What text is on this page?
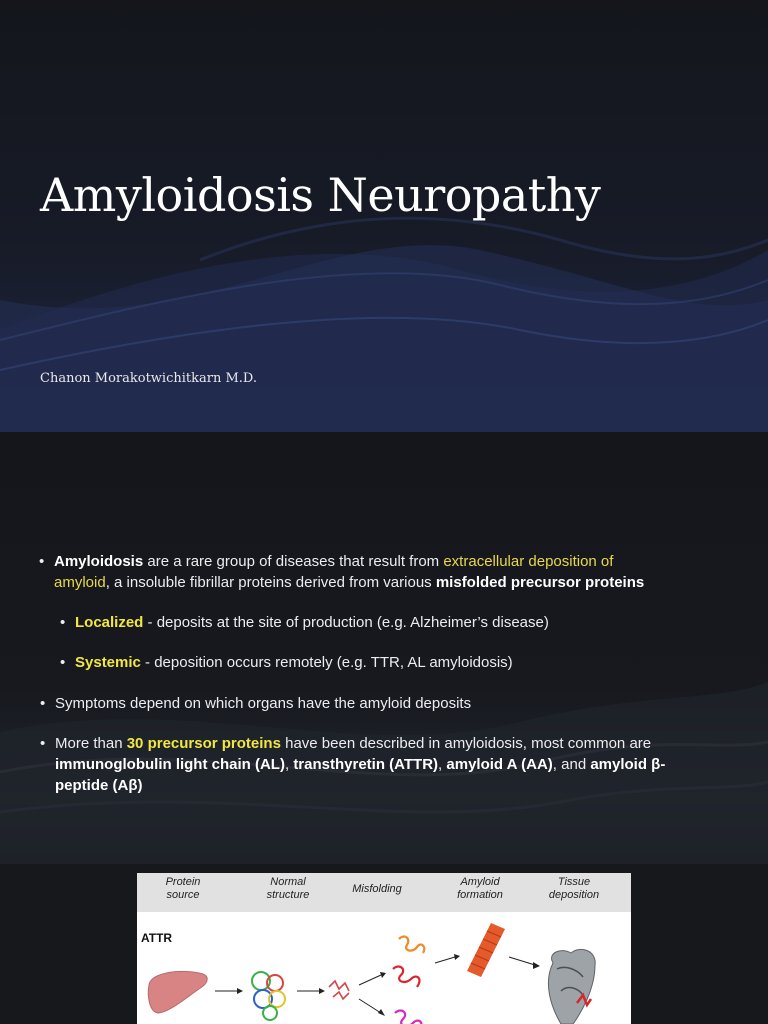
Amyloidosis Neuropathy
Chanon Morakotwichitkarn M.D.
• Amyloidosis are a rare group of diseases that result from extracellular deposition of
amyloid, a insoluble fibrillar proteins derived from various misfolded precursor proteins
• Localized - deposits at the site of production (e.g. Alzheimer’s disease)
• Systemic - deposition occurs remotely (e.g. TTR, AL amyloidosis)
• Symptoms depend on which organs have the amyloid deposits
• More than 30 precursor proteins have been described in amyloidosis, most common are
immunoglobulin light chain (AL), transthyretin (ATTR), amyloid A (AA), and amyloid β-
peptide (Aβ)
Protein
source
Normal
structure	Misfolding
Amyloid
formation
Tissue
deposition
ATTR
